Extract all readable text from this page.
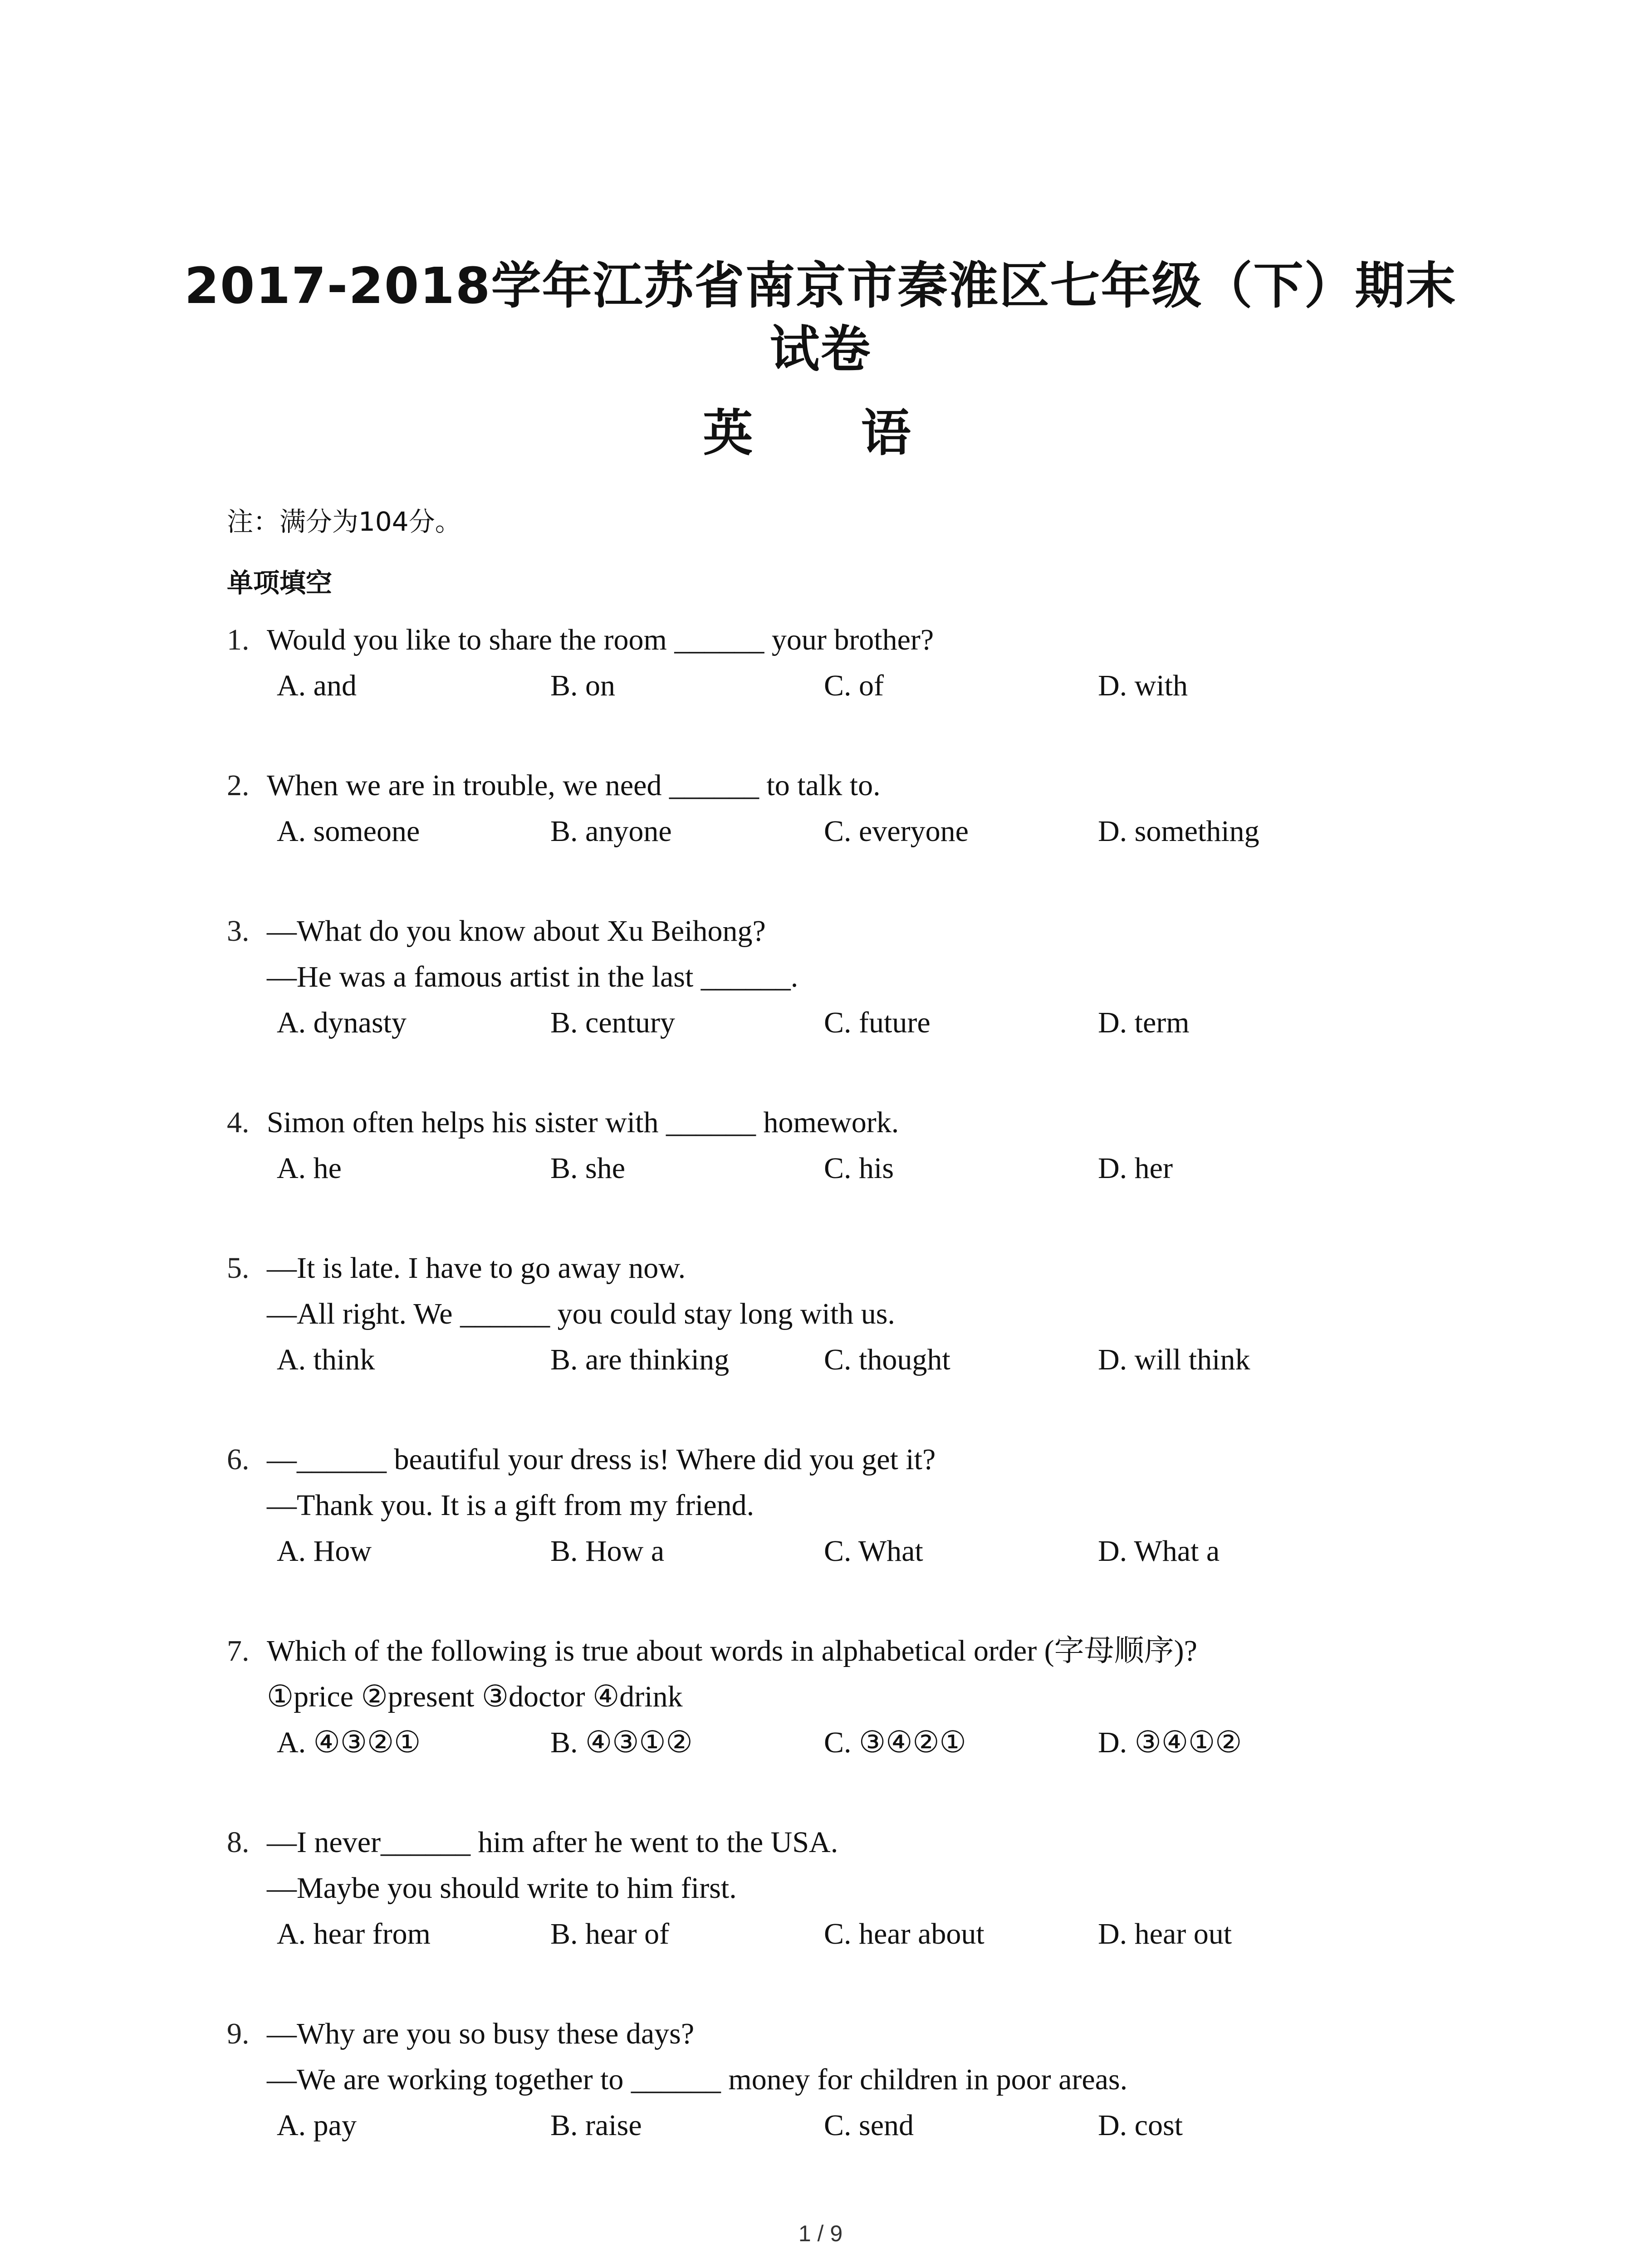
2017-2018学年江苏省南京市秦淮区七年级（下）期末试卷
英 语
注：满分为104分。
单项填空
1. Would you like to share the room ______ your brother?
A. and	B. on	C. of	D. with
2. When we are in trouble, we need ______ to talk to.
A. someone	B. anyone	C. everyone	D. something
3. —What do you know about Xu Beihong?
—He was a famous artist in the last ______.
A. dynasty	B. century	C. future	D. term
4. Simon often helps his sister with ______ homework.
A. he	B. she	C. his	D. her
5. —It is late. I have to go away now.
—All right. We ______ you could stay long with us.
A. think	B. are thinking	C. thought	D. will think
6. —______ beautiful your dress is! Where did you get it?
—Thank you. It is a gift from my friend.
A. How	B. How a	C. What	D. What a
7. Which of the following is true about words in alphabetical order (字母顺序)?
①price ②present ③doctor ④drink
A. ④③②①	B. ④③①②	C. ③④②①	D. ③④①②
8. —I never______ him after he went to the USA.
—Maybe you should write to him first.
A. hear from	B. hear of	C. hear about	D. hear out
9. —Why are you so busy these days?
—We are working together to ______ money for children in poor areas.
A. pay	B. raise	C. send	D. cost
1 / 9
